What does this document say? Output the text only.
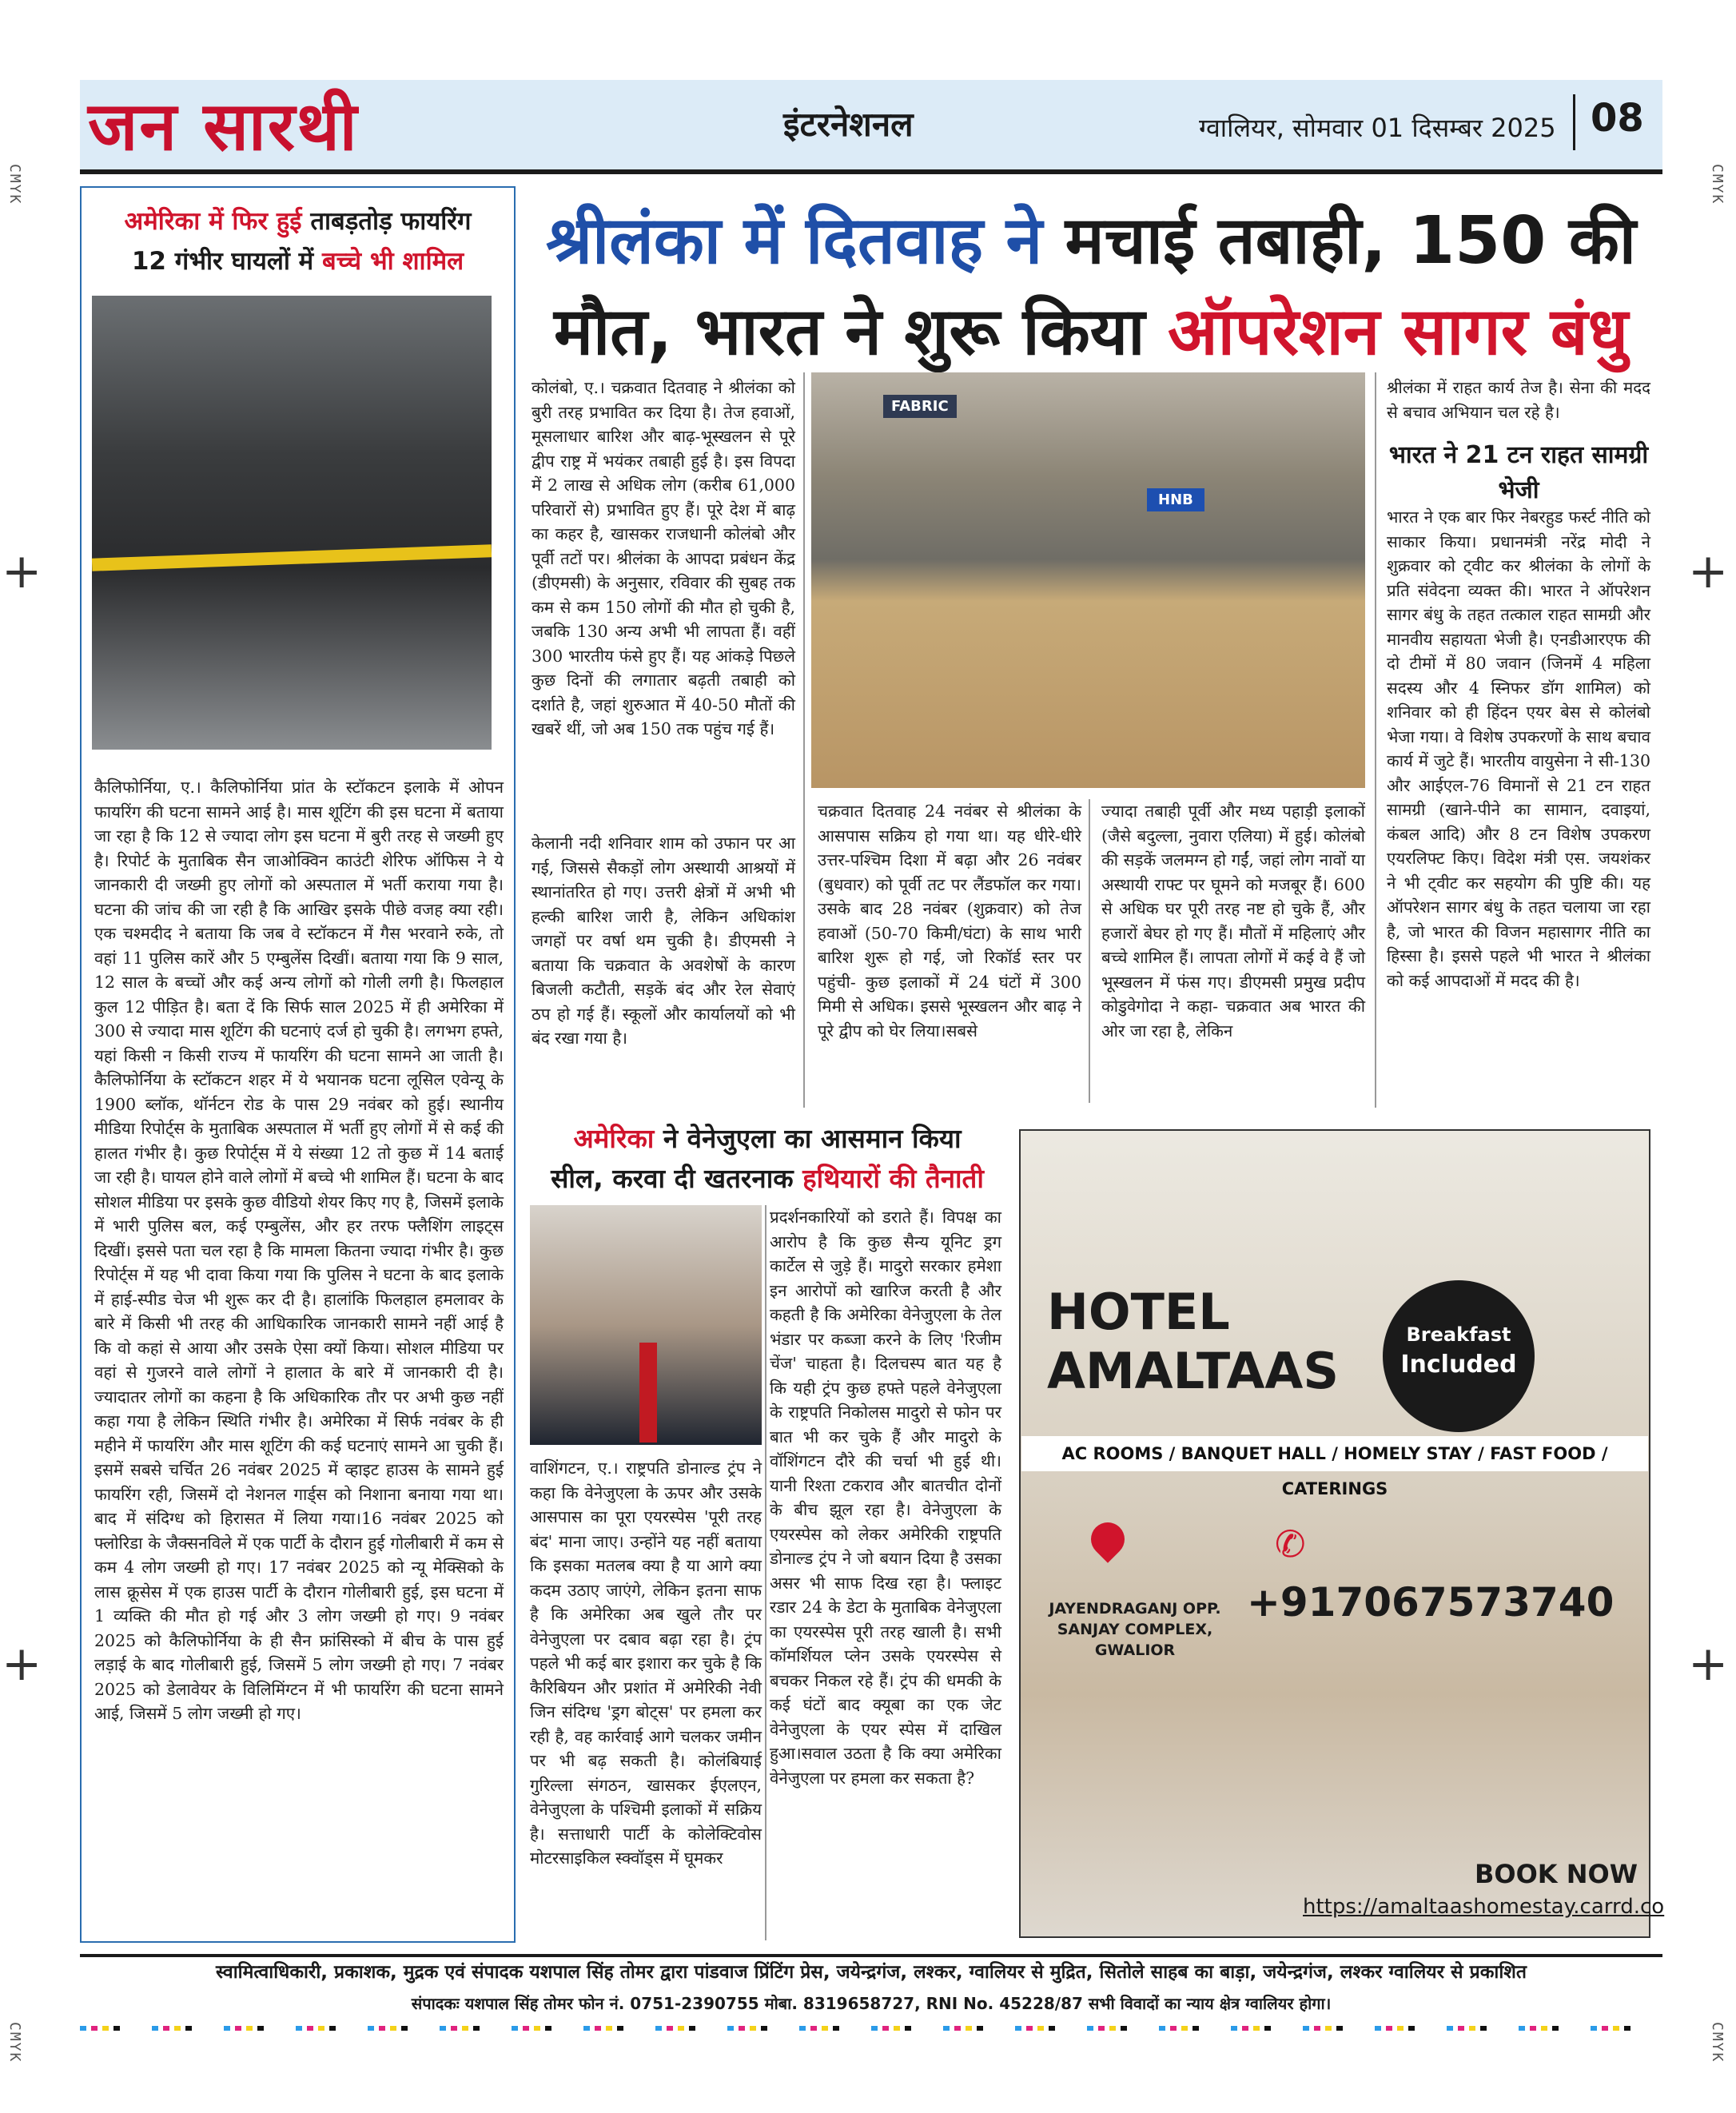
CMYK	CMYK
CMYK	CMYK
+	+
+	+
जन सारथी	इंटरनेशनल	ग्वालियर, सोमवार 01 दिसम्बर 2025 08
अमेरिका में फिर हुई ताबड़तोड़ फायरिंग
12 गंभीर घायलों में बच्चे भी शामिल
कैलिफोर्निया, ए.। कैलिफोर्निया प्रांत के स्टॉकटन इलाके में ओपन फायरिंग की घटना सामने आई है। मास शूटिंग की इस घटना में बताया जा रहा है कि 12 से ज्यादा लोग इस घटना में बुरी तरह से जख्मी हुए है। रिपोर्ट के मुताबिक सैन जाओक्विन काउंटी शेरिफ ऑफिस ने ये जानकारी दी जख्मी हुए लोगों को अस्पताल में भर्ती कराया गया है। घटना की जांच की जा रही है कि आखिर इसके पीछे वजह क्या रही। एक चश्मदीद ने बताया कि जब वे स्टॉकटन में गैस भरवाने रुके, तो वहां 11 पुलिस कारें और 5 एम्बुलेंस दिखीं। बताया गया कि 9 साल, 12 साल के बच्चों और कई अन्य लोगों को गोली लगी है। फिलहाल कुल 12 पीड़ित है। बता दें कि सिर्फ साल 2025 में ही अमेरिका में 300 से ज्यादा मास शूटिंग की घटनाएं दर्ज हो चुकी है। लगभग हफ्ते, यहां किसी न किसी राज्य में फायरिंग की घटना सामने आ जाती है। कैलिफोर्निया के स्टॉकटन शहर में ये भयानक घटना लूसिल एवेन्यू के 1900 ब्लॉक, थॉर्नटन रोड के पास 29 नवंबर को हुई। स्थानीय मीडिया रिपोर्ट्स के मुताबिक अस्पताल में भर्ती हुए लोगों में से कई की हालत गंभीर है। कुछ रिपोर्ट्स में ये संख्या 12 तो कुछ में 14 बताई जा रही है। घायल होने वाले लोगों में बच्चे भी शामिल हैं। घटना के बाद सोशल मीडिया पर इसके कुछ वीडियो शेयर किए गए है, जिसमें इलाके में भारी पुलिस बल, कई एम्बुलेंस, और हर तरफ फ्लैशिंग लाइट्स दिखीं। इससे पता चल रहा है कि मामला कितना ज्यादा गंभीर है। कुछ रिपोर्ट्स में यह भी दावा किया गया कि पुलिस ने घटना के बाद इलाके में हाई-स्पीड चेज भी शुरू कर दी है। हालांकि फिलहाल हमलावर के बारे में किसी भी तरह की आधिकारिक जानकारी सामने नहीं आई है कि वो कहां से आया और उसके ऐसा क्यों किया। सोशल मीडिया पर वहां से गुजरने वाले लोगों ने हालात के बारे में जानकारी दी है। ज्यादातर लोगों का कहना है कि अधिकारिक तौर पर अभी कुछ नहीं कहा गया है लेकिन स्थिति गंभीर है। अमेरिका में सिर्फ नवंबर के ही महीने में फायरिंग और मास शूटिंग की कई घटनाएं सामने आ चुकी हैं। इसमें सबसे चर्चित 26 नवंबर 2025 में व्हाइट हाउस के सामने हुई फायरिंग रही, जिसमें दो नेशनल गार्ड्स को निशाना बनाया गया था। बाद में संदिग्ध को हिरासत में लिया गया।16 नवंबर 2025 को फ्लोरिडा के जैक्सनविले में एक पार्टी के दौरान हुई गोलीबारी में कम से कम 4 लोग जख्मी हो गए। 17 नवंबर 2025 को न्यू मेक्सिको के लास क्रूसेस में एक हाउस पार्टी के दौरान गोलीबारी हुई, इस घटना में 1 व्यक्ति की मौत हो गई और 3 लोग जख्मी हो गए। 9 नवंबर 2025 को कैलिफोर्निया के ही सैन फ्रांसिस्को में बीच के पास हुई लड़ाई के बाद गोलीबारी हुई, जिसमें 5 लोग जख्मी हो गए। 7 नवंबर 2025 को डेलावेयर के विलिमिंग्टन में भी फायरिंग की घटना सामने आई, जिसमें 5 लोग जख्मी हो गए।
श्रीलंका में दितवाह ने मचाई तबाही, 150 की
मौत, भारत ने शुरू किया ऑपरेशन सागर बंधु
कोलंबो, ए.। चक्रवात दितवाह ने श्रीलंका को बुरी तरह प्रभावित कर दिया है। तेज हवाओं, मूसलाधार बारिश और बाढ़-भूस्खलन से पूरे द्वीप राष्ट्र में भयंकर तबाही हुई है। इस विपदा में 2 लाख से अधिक लोग (करीब 61,000 परिवारों से) प्रभावित हुए हैं। पूरे देश में बाढ़ का कहर है, खासकर राजधानी कोलंबो और पूर्वी तटों पर। श्रीलंका के आपदा प्रबंधन केंद्र (डीएमसी) के अनुसार, रविवार की सुबह तक कम से कम 150 लोगों की मौत हो चुकी है, जबकि 130 अन्य अभी भी लापता हैं। वहीं 300 भारतीय फंसे हुए हैं। यह आंकड़े पिछले कुछ दिनों की लगातार बढ़ती तबाही को दर्शाते है, जहां शुरुआत में 40-50 मौतों की खबरें थीं, जो अब 150 तक पहुंच गई हैं।
केलानी नदी शनिवार शाम को उफान पर आ गई, जिससे सैकड़ों लोग अस्थायी आश्रयों में स्थानांतरित हो गए। उत्तरी क्षेत्रों में अभी भी हल्की बारिश जारी है, लेकिन अधिकांश जगहों पर वर्षा थम चुकी है। डीएमसी ने बताया कि चक्रवात के अवशेषों के कारण बिजली कटौती, सड़कें बंद और रेल सेवाएं ठप हो गई हैं। स्कूलों और कार्यालयों को भी बंद रखा गया है।
FABRIC
HNB
चक्रवात दितवाह 24 नवंबर से श्रीलंका के आसपास सक्रिय हो गया था। यह धीरे-धीरे उत्तर-पश्चिम दिशा में बढ़ा और 26 नवंबर (बुधवार) को पूर्वी तट पर लैंडफॉल कर गया। उसके बाद 28 नवंबर (शुक्रवार) को तेज हवाओं (50-70 किमी/घंटा) के साथ भारी बारिश शुरू हो गई, जो रिकॉर्ड स्तर पर पहुंची- कुछ इलाकों में 24 घंटों में 300 मिमी से अधिक। इससे भूस्खलन और बाढ़ ने पूरे द्वीप को घेर लिया।सबसे
ज्यादा तबाही पूर्वी और मध्य पहाड़ी इलाकों (जैसे बदुल्ला, नुवारा एलिया) में हुई। कोलंबो की सड़कें जलमग्न हो गईं, जहां लोग नावों या अस्थायी राफ्ट पर घूमने को मजबूर हैं। 600 से अधिक घर पूरी तरह नष्ट हो चुके हैं, और हजारों बेघर हो गए हैं। मौतों में महिलाएं और बच्चे शामिल हैं। लापता लोगों में कई वे हैं जो भूस्खलन में फंस गए। डीएमसी प्रमुख प्रदीप कोडुवेगोदा ने कहा- चक्रवात अब भारत की ओर जा रहा है, लेकिन
श्रीलंका में राहत कार्य तेज है। सेना की मदद से बचाव अभियान चल रहे है।
भारत ने 21 टन राहत सामग्री भेजी
भारत ने एक बार फिर नेबरहुड फर्स्ट नीति को साकार किया। प्रधानमंत्री नरेंद्र मोदी ने शुक्रवार को ट्वीट कर श्रीलंका के लोगों के प्रति संवेदना व्यक्त की। भारत ने ऑपरेशन सागर बंधु के तहत तत्काल राहत सामग्री और मानवीय सहायता भेजी है। एनडीआरएफ की दो टीमों में 80 जवान (जिनमें 4 महिला सदस्य और 4 स्निफर डॉग शामिल) को शनिवार को ही हिंदन एयर बेस से कोलंबो भेजा गया। वे विशेष उपकरणों के साथ बचाव कार्य में जुटे हैं। भारतीय वायुसेना ने सी-130 और आईएल-76 विमानों से 21 टन राहत सामग्री (खाने-पीने का सामान, दवाइयां, कंबल आदि) और 8 टन विशेष उपकरण एयरलिफ्ट किए। विदेश मंत्री एस. जयशंकर ने भी ट्वीट कर सहयोग की पुष्टि की। यह ऑपरेशन सागर बंधु के तहत चलाया जा रहा है, जो भारत की विजन महासागर नीति का हिस्सा है। इससे पहले भी भारत ने श्रीलंका को कई आपदाओं में मदद की है।
अमेरिका ने वेनेजुएला का आसमान किया
सील, करवा दी खतरनाक हथियारों की तैनाती
वाशिंगटन, ए.। राष्ट्रपति डोनाल्ड ट्रंप ने कहा कि वेनेजुएला के ऊपर और उसके आसपास का पूरा एयरस्पेस 'पूरी तरह बंद' माना जाए। उन्होंने यह नहीं बताया कि इसका मतलब क्या है या आगे क्या कदम उठाए जाएंगे, लेकिन इतना साफ है कि अमेरिका अब खुले तौर पर वेनेजुएला पर दबाव बढ़ा रहा है। ट्रंप पहले भी कई बार इशारा कर चुके है कि कैरिबियन और प्रशांत में अमेरिकी नेवी जिन संदिग्ध 'ड्रग बोट्स' पर हमला कर रही है, वह कार्रवाई आगे चलकर जमीन पर भी बढ़ सकती है। कोलंबियाई गुरिल्ला संगठन, खासकर ईएलएन, वेनेजुएला के पश्चिमी इलाकों में सक्रिय है। सत्ताधारी पार्टी के कोलेक्टिवोस मोटरसाइकिल स्क्वॉड्स में घूमकर
प्रदर्शनकारियों को डराते हैं। विपक्ष का आरोप है कि कुछ सैन्य यूनिट ड्रग कार्टेल से जुड़े हैं। मादुरो सरकार हमेशा इन आरोपों को खारिज करती है और कहती है कि अमेरिका वेनेजुएला के तेल भंडार पर कब्जा करने के लिए 'रिजीम चेंज' चाहता है। दिलचस्प बात यह है कि यही ट्रंप कुछ हफ्ते पहले वेनेजुएला के राष्ट्रपति निकोलस मादुरो से फोन पर बात भी कर चुके हैं और मादुरो के वॉशिंगटन दौरे की चर्चा भी हुई थी। यानी रिश्ता टकराव और बातचीत दोनों के बीच झूल रहा है। वेनेजुएला के एयरस्पेस को लेकर अमेरिकी राष्ट्रपति डोनाल्ड ट्रंप ने जो बयान दिया है उसका असर भी साफ दिख रहा है। फ्लाइट रडार 24 के डेटा के मुताबिक वेनेजुएला का एयरस्पेस पूरी तरह खाली है। सभी कॉमर्शियल प्लेन उसके एयरस्पेस से बचकर निकल रहे हैं। ट्रंप की धमकी के कई घंटों बाद क्यूबा का एक जेट वेनेजुएला के एयर स्पेस में दाखिल हुआ।सवाल उठता है कि क्या अमेरिका वेनेजुएला पर हमला कर सकता है?
HOTEL
AMALTAAS
Breakfast
Included
AC ROOMS / BANQUET HALL / HOMELY STAY / FAST FOOD / CATERINGS
JAYENDRAGANJ OPP.
SANJAY COMPLEX,
GWALIOR
✆
+917067573740
BOOK NOW
https://amaltaashomestay.carrd.co
स्वामित्वाधिकारी, प्रकाशक, मुद्रक एवं संपादक यशपाल सिंह तोमर द्वारा पांडवाज प्रिंटिंग प्रेस, जयेन्द्रगंज, लश्कर, ग्वालियर से मुद्रित, सितोले साहब का बाड़ा, जयेन्द्रगंज, लश्कर ग्वालियर से प्रकाशित
संपादकः यशपाल सिंह तोमर फोन नं. 0751-2390755 मोबा. 8319658727, RNI No. 45228/87 सभी विवादों का न्याय क्षेत्र ग्वालियर होगा।
